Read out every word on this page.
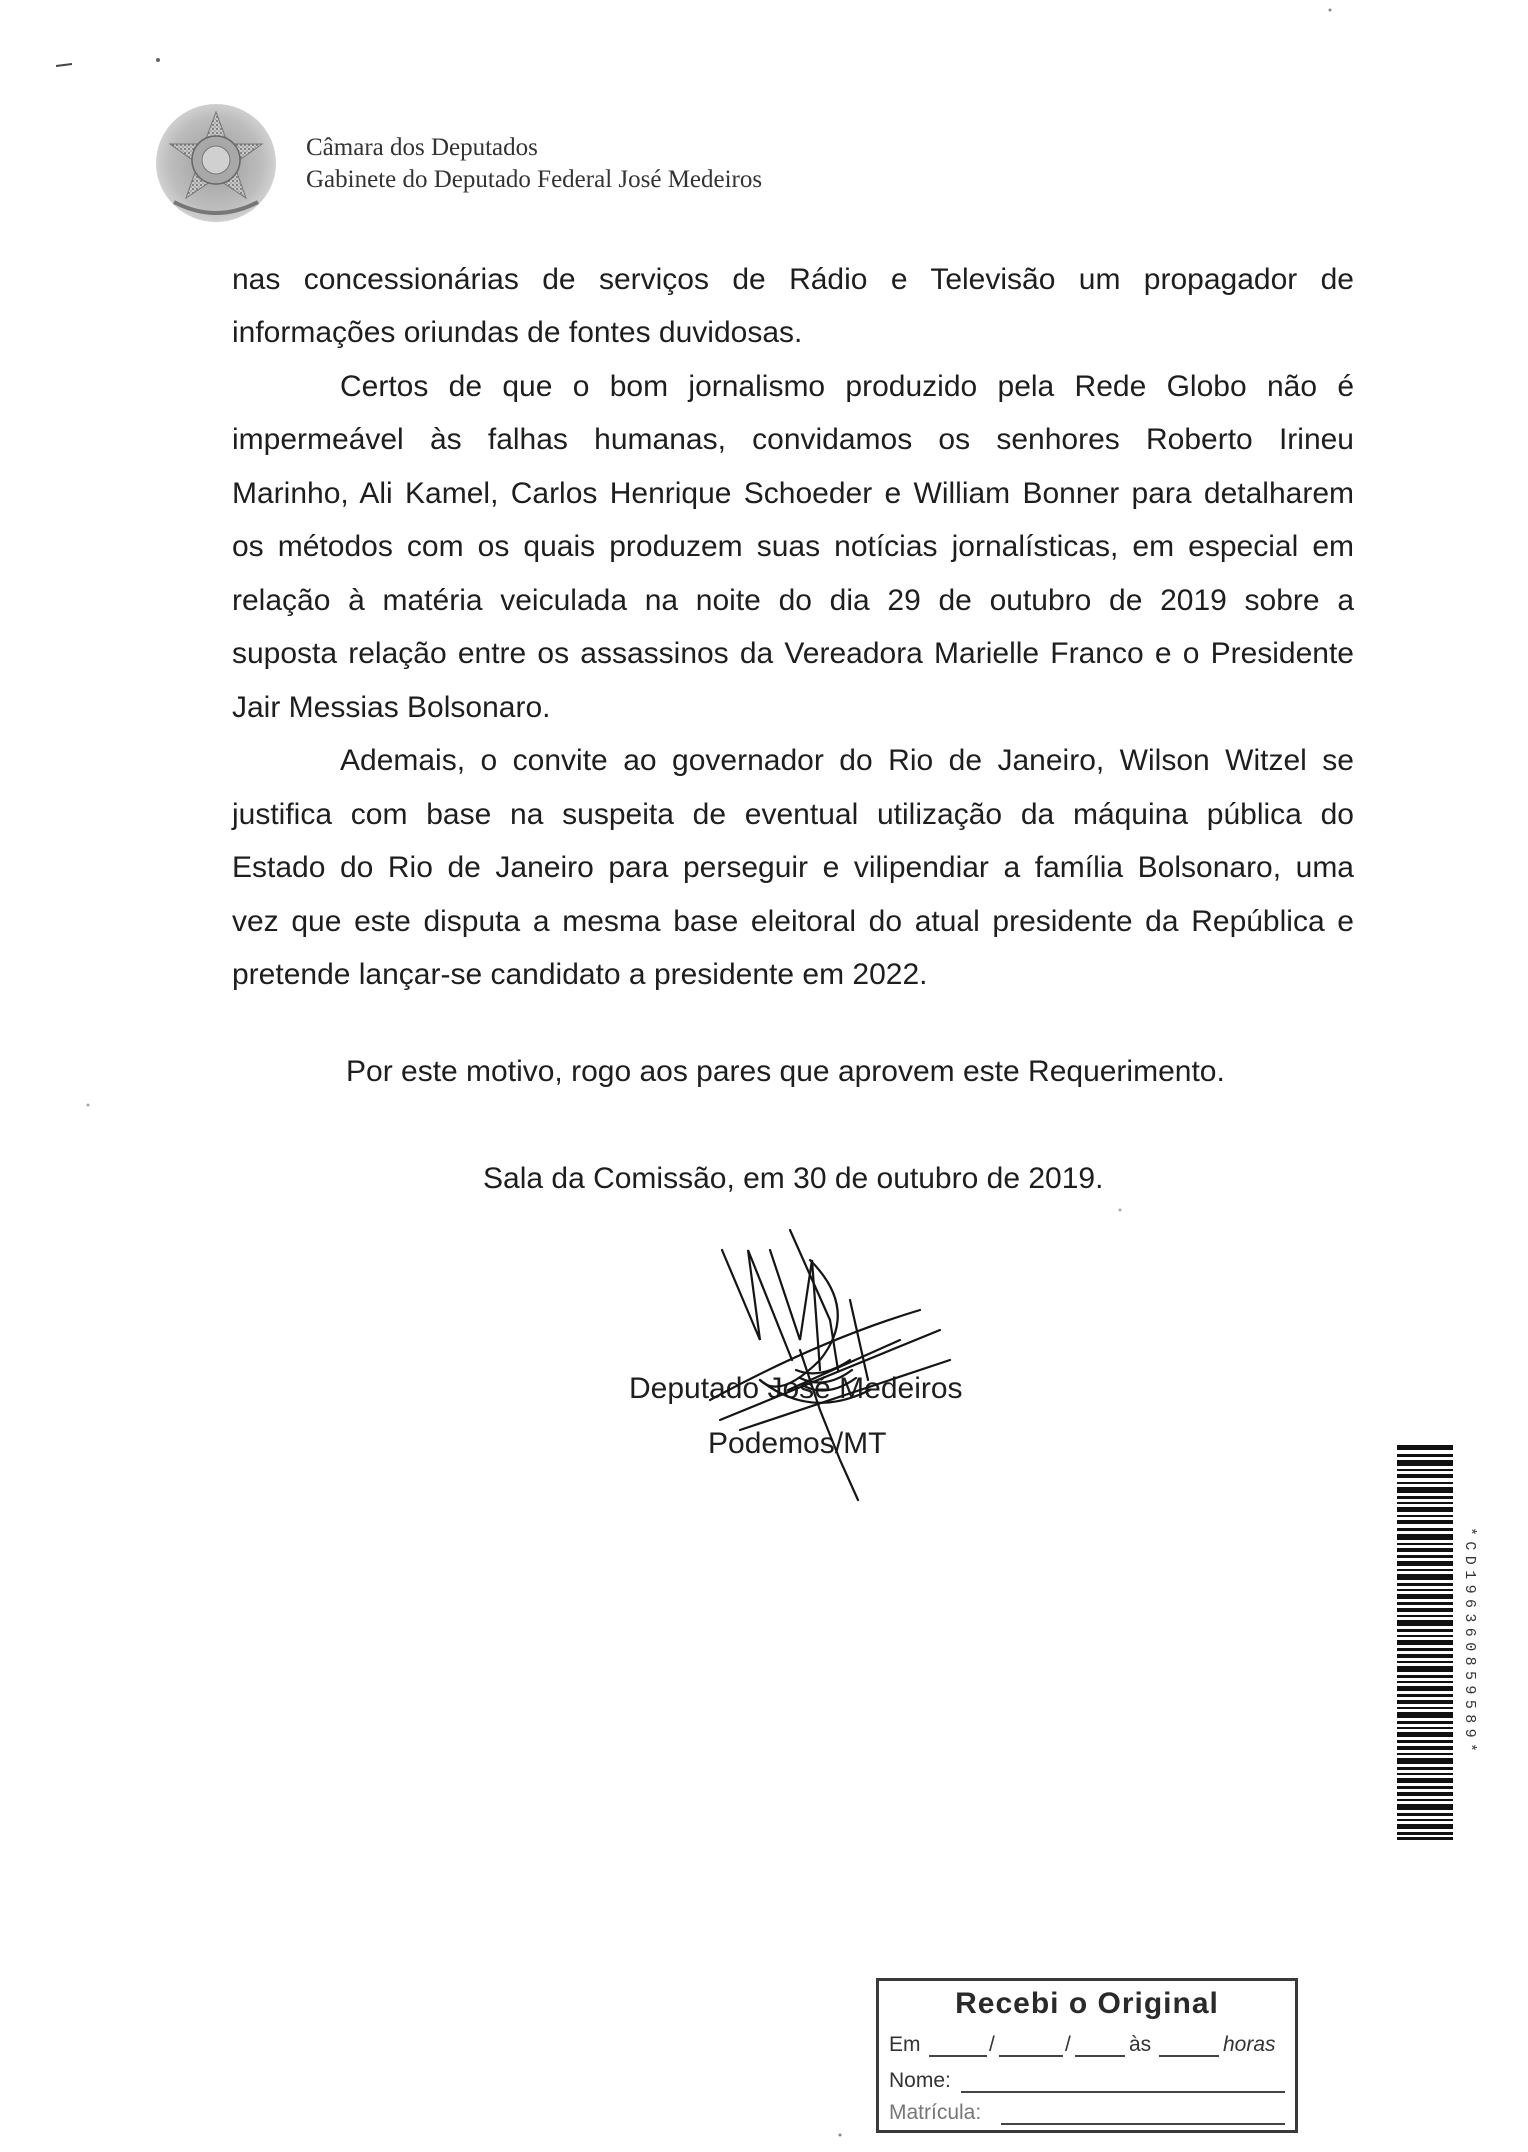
Câmara dos Deputados
Gabinete do Deputado Federal José Medeiros
nas concessionárias de serviços de Rádio e Televisão um propagador de
informações oriundas de fontes duvidosas.
Certos de que o bom jornalismo produzido pela Rede Globo não é
impermeável às falhas humanas, convidamos os senhores Roberto Irineu
Marinho, Ali Kamel, Carlos Henrique Schoeder e William Bonner para detalharem
os métodos com os quais produzem suas notícias jornalísticas, em especial em
relação à matéria veiculada na noite do dia 29 de outubro de 2019 sobre a
suposta relação entre os assassinos da Vereadora Marielle Franco e o Presidente
Jair Messias Bolsonaro.
Ademais, o convite ao governador do Rio de Janeiro, Wilson Witzel se
justifica com base na suspeita de eventual utilização da máquina pública do
Estado do Rio de Janeiro para perseguir e vilipendiar a família Bolsonaro, uma
vez que este disputa a mesma base eleitoral do atual presidente da República e
pretende lançar-se candidato a presidente em 2022.
Por este motivo, rogo aos pares que aprovem este Requerimento.
Sala da Comissão, em 30 de outubro de 2019.
Deputado José Medeiros
Podemos/MT
*CD196360859589*
Recebi o Original
Em	/	/	às	horas
Nome:
Matrícula:
